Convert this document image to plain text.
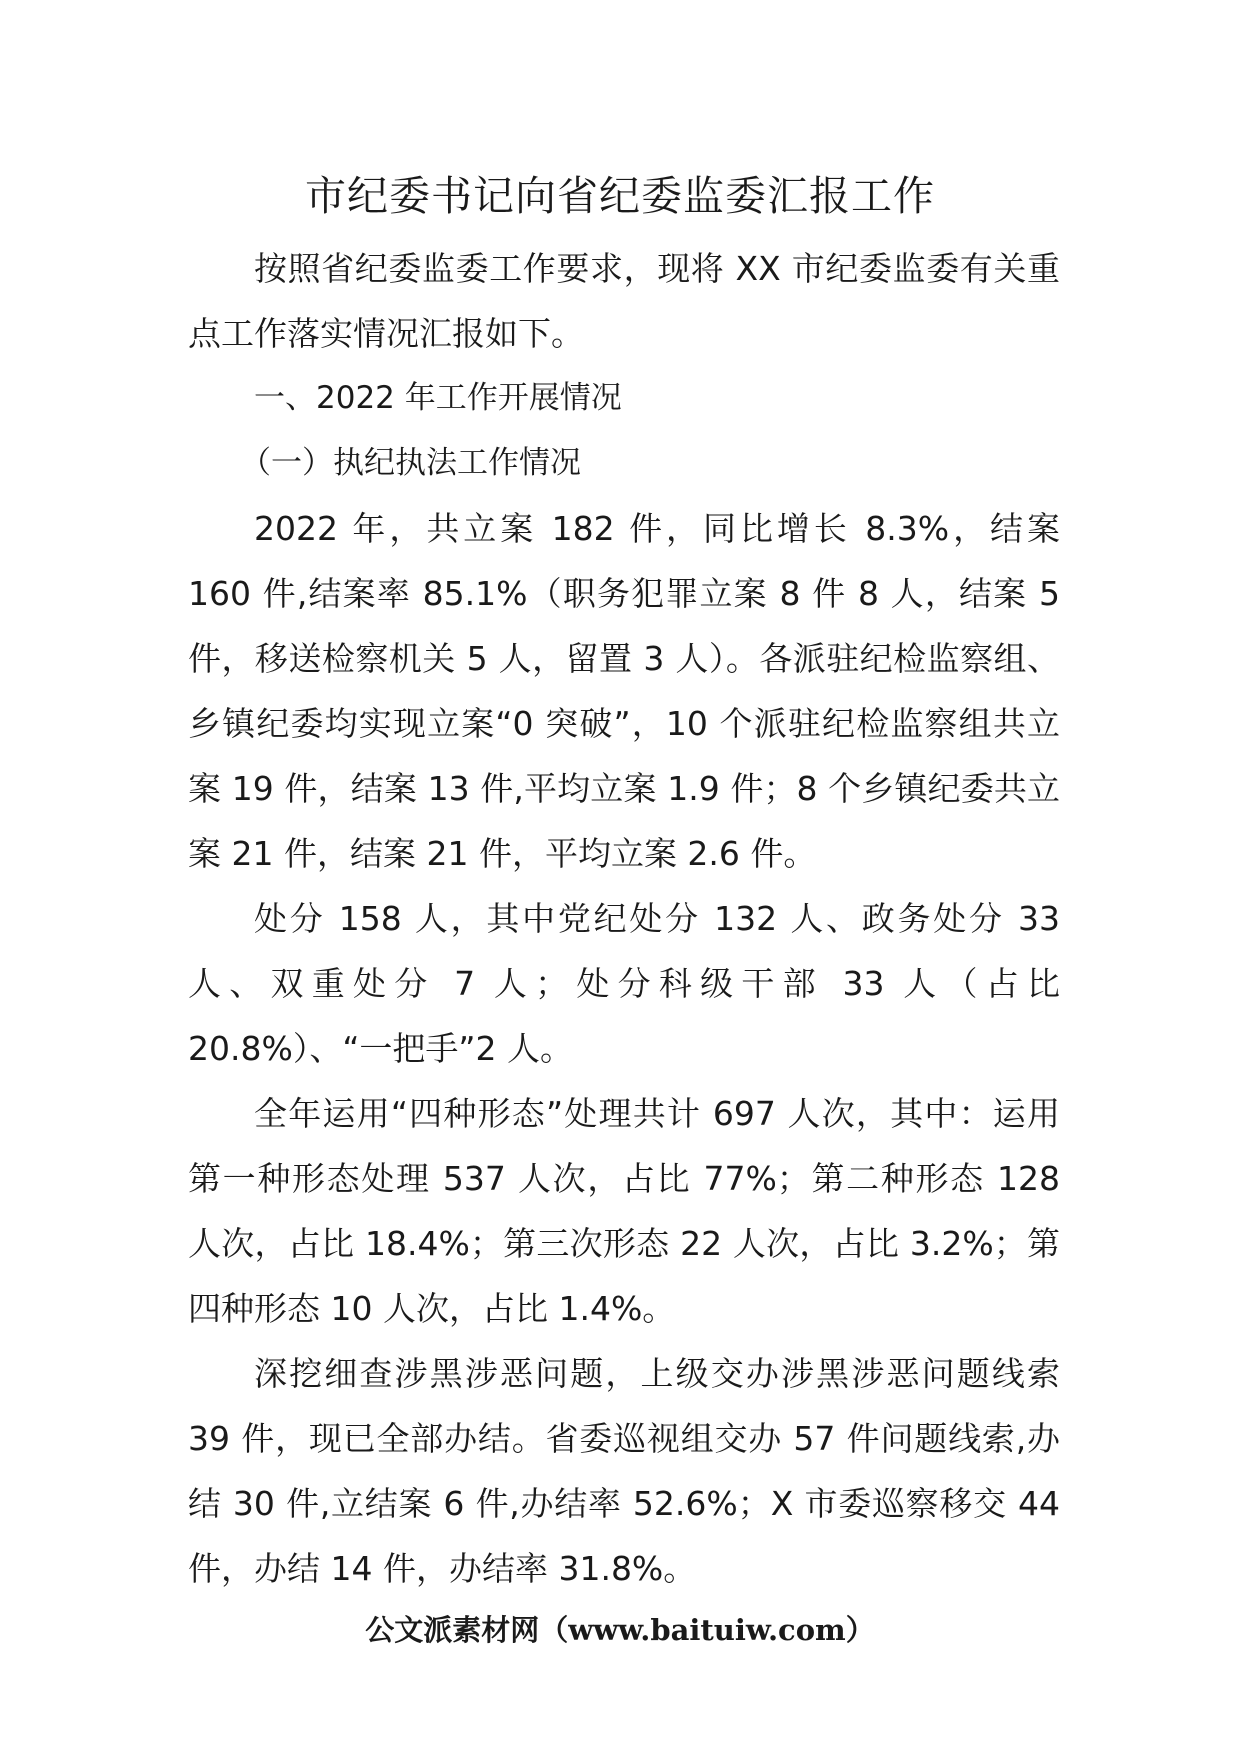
市纪委书记向省纪委监委汇报工作

按照省纪委监委工作要求，现将 XX 市纪委监委有关重点工作落实情况汇报如下。

一、2022 年工作开展情况

（一）执纪执法工作情况

2022 年，共立案 182 件，同比增长 8.3%，结案 160 件,结案率 85.1%（职务犯罪立案 8 件 8 人，结案 5 件，移送检察机关 5 人，留置 3 人）。各派驻纪检监察组、乡镇纪委均实现立案“0 突破”，10 个派驻纪检监察组共立案 19 件，结案 13 件,平均立案 1.9 件；8 个乡镇纪委共立案 21 件，结案 21 件，平均立案 2.6 件。

处分 158 人，其中党纪处分 132 人、政务处分 33 人、双重处分 7 人；处分科级干部 33 人（占比 20.8%）、“一把手”2 人。

全年运用“四种形态”处理共计 697 人次，其中：运用第一种形态处理 537 人次，占比 77%；第二种形态 128 人次，占比 18.4%；第三次形态 22 人次，占比 3.2%；第四种形态 10 人次，占比 1.4%。

深挖细查涉黑涉恶问题，上级交办涉黑涉恶问题线索 39 件，现已全部办结。省委巡视组交办 57 件问题线索,办结 30 件,立结案 6 件,办结率 52.6%；X 市委巡察移交 44 件，办结 14 件，办结率 31.8%。

公文派素材网（www.baituiw.com）
